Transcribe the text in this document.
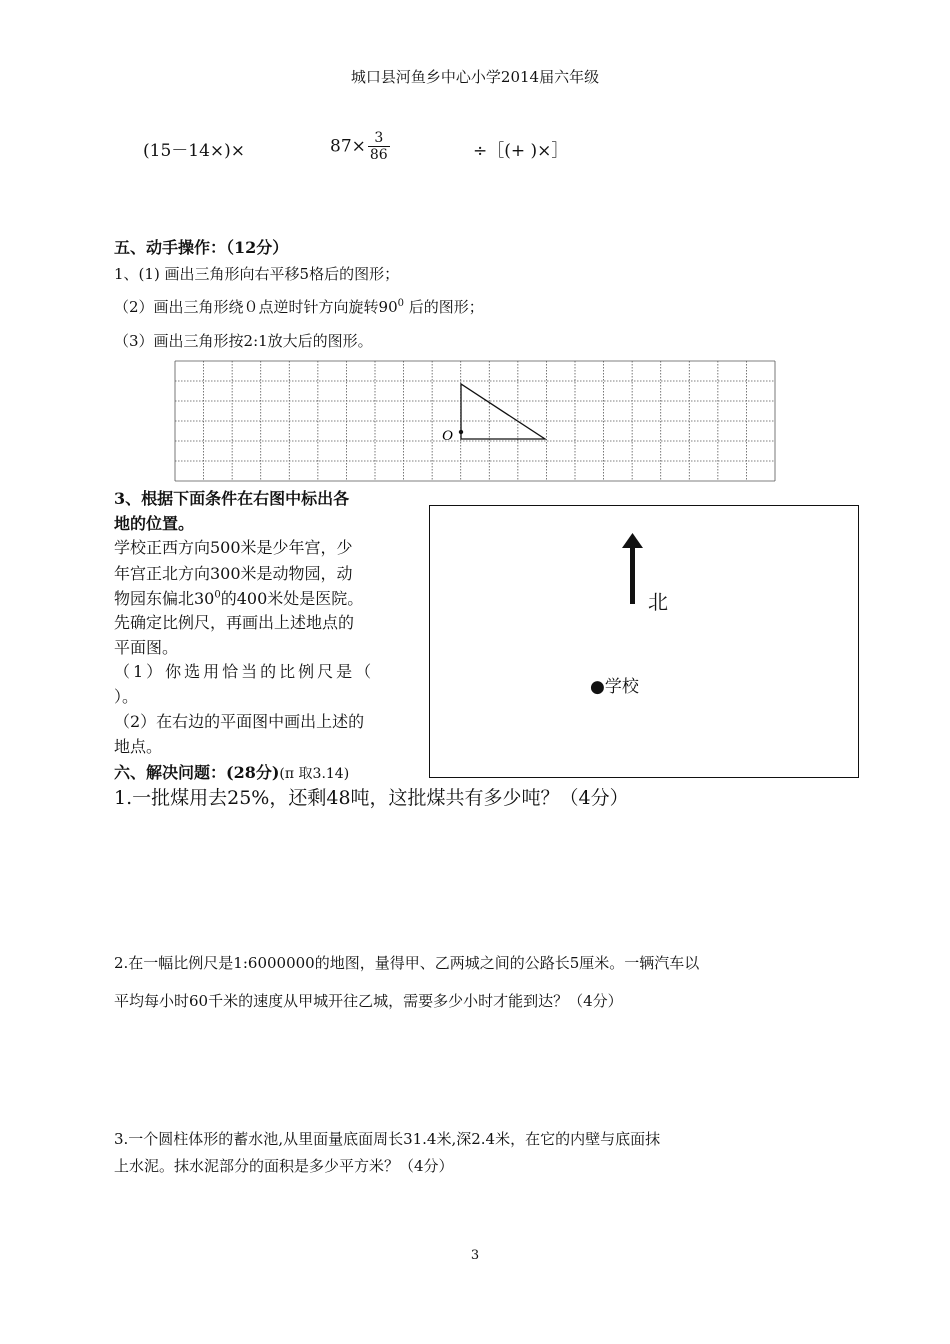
城口县河鱼乡中心小学2014届六年级
(15－14×)×	$87\times \frac{3}{86}$	÷［(+ )×］
五、动手操作：（12分）
1、(1) 画出三角形向右平移5格后的图形；
（2）画出三角形绕０点逆时针方向旋转$90^0$ 后的图形；
（3）画出三角形按2:1放大后的图形。
O
3、根据下面条件在右图中标出各
地的位置。
学校正西方向500米是少年宫，少
年宫正北方向300米是动物园，动
物园东偏北$30^0$的400米处是医院。
先确定比例尺，再画出上述地点的
平面图。
（1）你选用恰当的比例尺是（
）。
（2）在右边的平面图中画出上述的
地点。
北
●学校
六、解决问题：(28分)(π 取3.14)
1.一批煤用去25%，还剩48吨，这批煤共有多少吨？（4分）
2.在一幅比例尺是1:6000000的地图，量得甲、乙两城之间的公路长5厘米。一辆汽车以
平均每小时60千米的速度从甲城开往乙城，需要多少小时才能到达？（4分）
3.一个圆柱体形的蓄水池,从里面量底面周长31.4米,深2.4米，在它的内壁与底面抹
上水泥。抹水泥部分的面积是多少平方米？（4分）
3
